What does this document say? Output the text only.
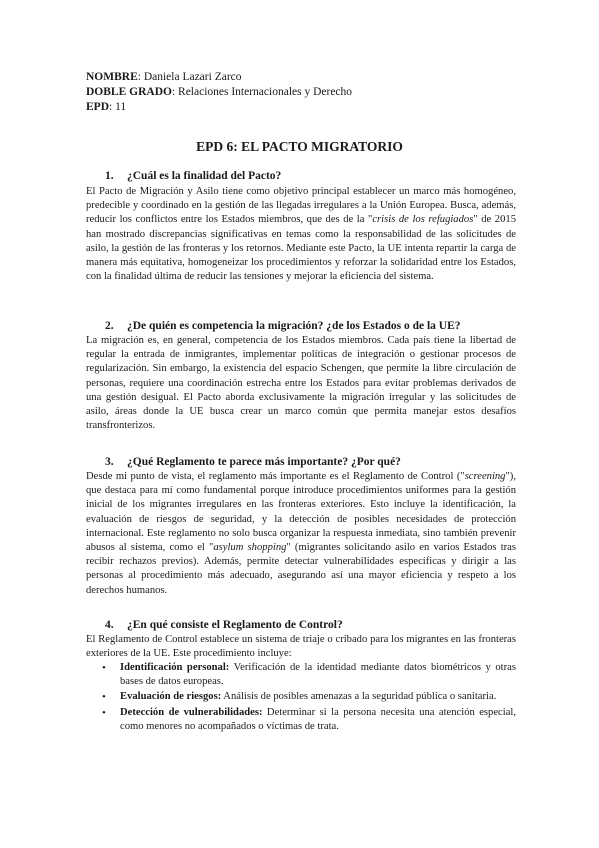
NOMBRE: Daniela Lazari Zarco
DOBLE GRADO: Relaciones Internacionales y Derecho
EPD: 11
EPD 6: EL PACTO MIGRATORIO
1. ¿Cuál es la finalidad del Pacto?

El Pacto de Migración y Asilo tiene como objetivo principal establecer un marco más homogéneo, predecible y coordinado en la gestión de las llegadas irregulares a la Unión Europea. Busca, además, reducir los conflictos entre los Estados miembros, que des de la "crisis de los refugiados" de 2015 han mostrado discrepancias significativas en temas como la responsabilidad de las solicitudes de asilo, la gestión de las fronteras y los retornos. Mediante este Pacto, la UE intenta repartir la carga de manera más equitativa, homogeneizar los procedimientos y reforzar la solidaridad entre los Estados, con la finalidad última de reducir las tensiones y mejorar la eficiencia del sistema.

2. ¿De quién es competencia la migración? ¿de los Estados o de la UE?

La migración es, en general, competencia de los Estados miembros. Cada país tiene la libertad de regular la entrada de inmigrantes, implementar políticas de integración o gestionar procesos de regularización. Sin embargo, la existencia del espacio Schengen, que permite la libre circulación de personas, requiere una coordinación estrecha entre los Estados para evitar problemas derivados de una gestión desigual. El Pacto aborda exclusivamente la migración irregular y las solicitudes de asilo, áreas donde la UE busca crear un marco común que permita manejar estos desafíos transfronterizos.

3. ¿Qué Reglamento te parece más importante? ¿Por qué?

Desde mi punto de vista, el reglamento más importante es el Reglamento de Control ("screening"), que destaca para mí como fundamental porque introduce procedimientos uniformes para la gestión inicial de los migrantes irregulares en las fronteras exteriores. Esto incluye la identificación, la evaluación de riesgos de seguridad, y la detección de posibles necesidades de protección internacional. Este reglamento no solo busca organizar la respuesta inmediata, sino también prevenir abusos al sistema, como el "asylum shopping" (migrantes solicitando asilo en varios Estados tras recibir rechazos previos). Además, permite detectar vulnerabilidades específicas y dirigir a las personas al procedimiento más adecuado, asegurando así una mayor eficiencia y respeto a los derechos humanos.

4. ¿En qué consiste el Reglamento de Control?

El Reglamento de Control establece un sistema de triaje o cribado para los migrantes en las fronteras exteriores de la UE. Este procedimiento incluye:

• Identificación personal: Verificación de la identidad mediante datos biométricos y otras bases de datos europeas.
• Evaluación de riesgos: Análisis de posibles amenazas a la seguridad pública o sanitaria.
• Detección de vulnerabilidades: Determinar si la persona necesita una atención especial, como menores no acompañados o víctimas de trata.
